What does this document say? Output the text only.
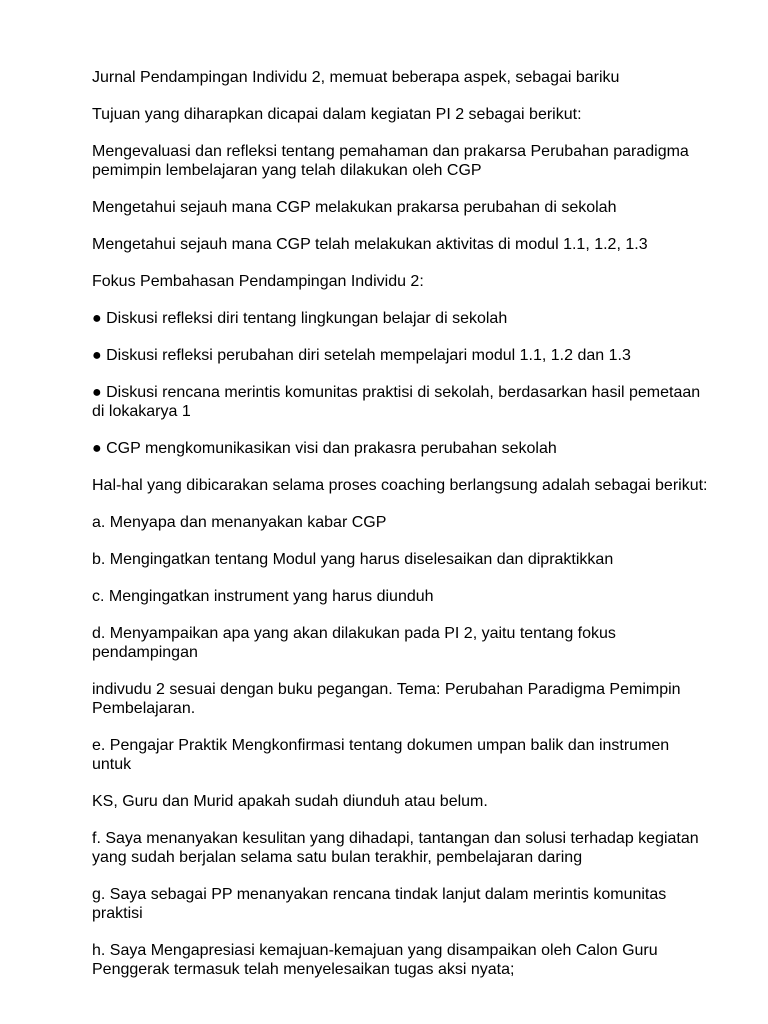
Jurnal Pendampingan Individu 2, memuat beberapa aspek, sebagai bariku

Tujuan yang diharapkan dicapai dalam kegiatan PI 2 sebagai berikut:

Mengevaluasi dan refleksi tentang pemahaman dan prakarsa Perubahan paradigma pemimpin lembelajaran yang telah dilakukan oleh CGP

Mengetahui sejauh mana CGP melakukan prakarsa perubahan di sekolah

Mengetahui sejauh mana CGP telah melakukan aktivitas di modul 1.1, 1.2, 1.3

Fokus Pembahasan Pendampingan Individu 2:

● Diskusi refleksi diri tentang lingkungan belajar di sekolah

● Diskusi refleksi perubahan diri setelah mempelajari modul 1.1, 1.2 dan 1.3

● Diskusi rencana merintis komunitas praktisi di sekolah, berdasarkan hasil pemetaan di lokakarya 1

● CGP mengkomunikasikan visi dan prakasra perubahan sekolah

Hal-hal yang dibicarakan selama proses coaching berlangsung adalah sebagai berikut:

a. Menyapa dan menanyakan kabar CGP

b. Mengingatkan tentang Modul yang harus diselesaikan dan dipraktikkan

c. Mengingatkan instrument yang harus diunduh

d. Menyampaikan apa yang akan dilakukan pada PI 2, yaitu tentang fokus pendampingan

indivudu 2 sesuai dengan buku pegangan. Tema: Perubahan Paradigma Pemimpin Pembelajaran.

e. Pengajar Praktik Mengkonfirmasi tentang dokumen umpan balik dan instrumen untuk

KS, Guru dan Murid apakah sudah diunduh atau belum.

f. Saya menanyakan kesulitan yang dihadapi, tantangan dan solusi terhadap kegiatan yang sudah berjalan selama satu bulan terakhir, pembelajaran daring

g. Saya sebagai PP menanyakan rencana tindak lanjut dalam merintis komunitas praktisi

h. Saya Mengapresiasi kemajuan-kemajuan yang disampaikan oleh Calon Guru Penggerak termasuk telah menyelesaikan tugas aksi nyata;
